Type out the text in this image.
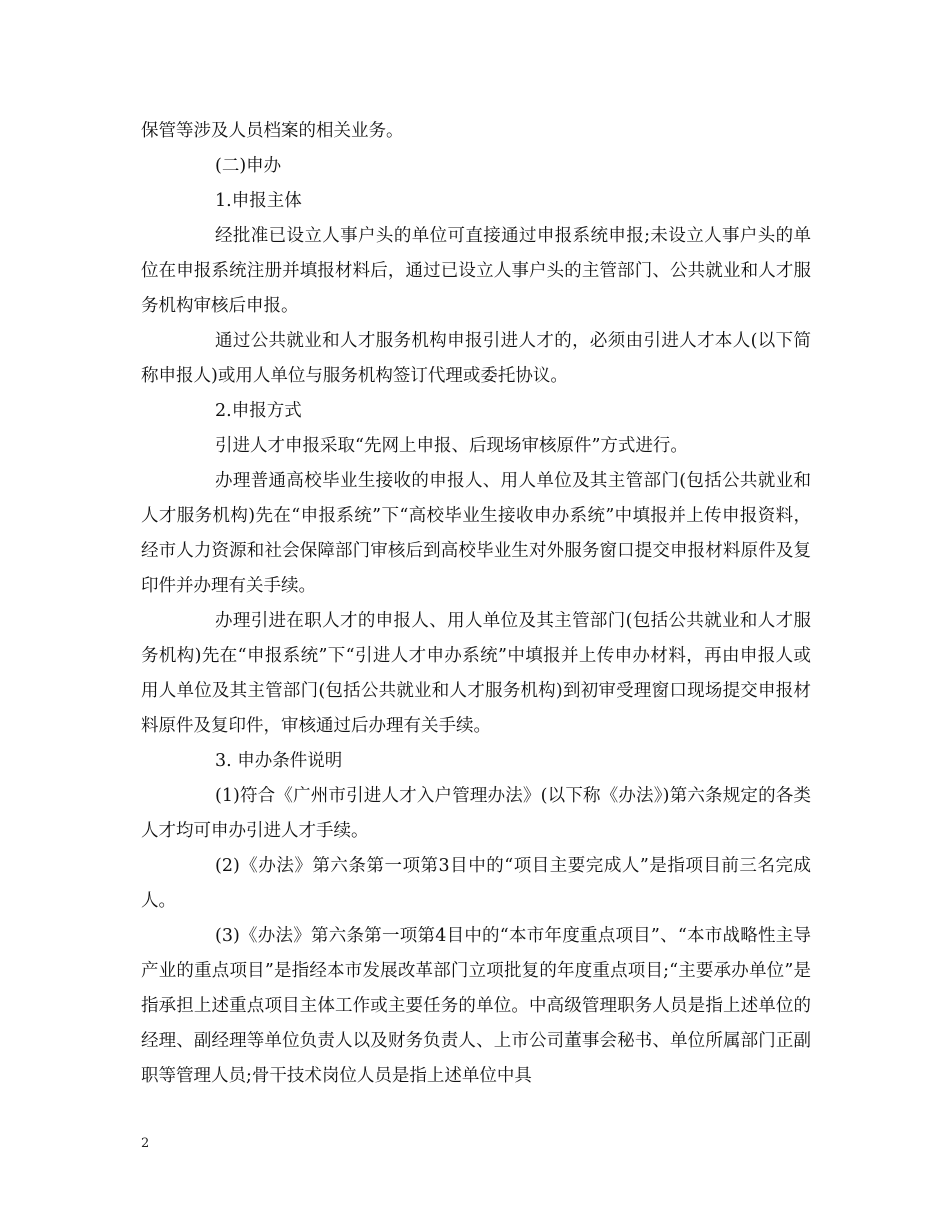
保管等涉及人员档案的相关业务。

(二)申办

1.申报主体

经批准已设立人事户头的单位可直接通过申报系统申报;未设立人事户头的单位在申报系统注册并填报材料后，通过已设立人事户头的主管部门、公共就业和人才服务机构审核后申报。

通过公共就业和人才服务机构申报引进人才的，必须由引进人才本人(以下简称申报人)或用人单位与服务机构签订代理或委托协议。

2.申报方式

引进人才申报采取“先网上申报、后现场审核原件”方式进行。

办理普通高校毕业生接收的申报人、用人单位及其主管部门(包括公共就业和人才服务机构)先在“申报系统”下“高校毕业生接收申办系统”中填报并上传申报资料，经市人力资源和社会保障部门审核后到高校毕业生对外服务窗口提交申报材料原件及复印件并办理有关手续。

办理引进在职人才的申报人、用人单位及其主管部门(包括公共就业和人才服务机构)先在“申报系统”下“引进人才申办系统”中填报并上传申办材料，再由申报人或用人单位及其主管部门(包括公共就业和人才服务机构)到初审受理窗口现场提交申报材料原件及复印件，审核通过后办理有关手续。

3. 申办条件说明

(1)符合《广州市引进人才入户管理办法》(以下称《办法》)第六条规定的各类人才均可申办引进人才手续。

(2)《办法》第六条第一项第3目中的“项目主要完成人”是指项目前三名完成人。

(3)《办法》第六条第一项第4目中的“本市年度重点项目”、“本市战略性主导产业的重点项目”是指经本市发展改革部门立项批复的年度重点项目;“主要承办单位”是指承担上述重点项目主体工作或主要任务的单位。中高级管理职务人员是指上述单位的经理、副经理等单位负责人以及财务负责人、上市公司董事会秘书、单位所属部门正副职等管理人员;骨干技术岗位人员是指上述单位中具

2
